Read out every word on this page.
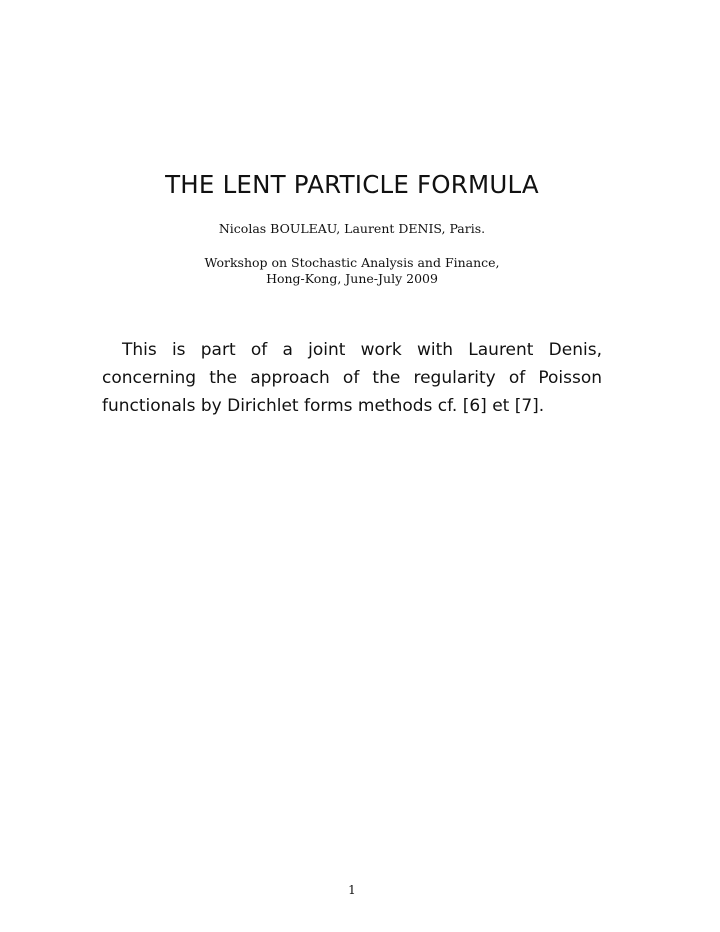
THE LENT PARTICLE FORMULA
Nicolas BOULEAU, Laurent DENIS, Paris.
Workshop on Stochastic Analysis and Finance,
Hong-Kong, June-July 2009

This is part of a joint work with Laurent Denis, concerning the approach of the regularity of Poisson functionals by Dirichlet forms methods cf. [6] et [7].

1
